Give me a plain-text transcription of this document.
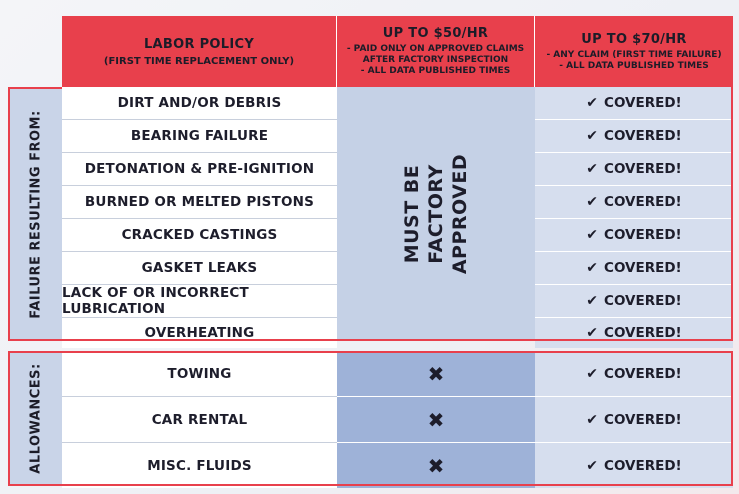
LABOR POLICY
(FIRST TIME REPLACEMENT ONLY)
UP TO $50/HR
- PAID ONLY ON APPROVED CLAIMS
AFTER FACTORY INSPECTION
- ALL DATA PUBLISHED TIMES
UP TO $70/HR
- ANY CLAIM (FIRST TIME FAILURE)
- ALL DATA PUBLISHED TIMES
FAILURE RESULTING FROM:
DIRT AND/OR DEBRIS
BEARING FAILURE
DETONATION & PRE-IGNITION
BURNED OR MELTED PISTONS
CRACKED CASTINGS
GASKET LEAKS
LACK OF OR INCORRECT LUBRICATION
OVERHEATING
MUST BE FACTORY APPROVED
✔ COVERED!
✔ COVERED!
✔ COVERED!
✔ COVERED!
✔ COVERED!
✔ COVERED!
✔ COVERED!
✔ COVERED!
ALLOWANCES:	TOWING
CAR RENTAL
MISC. FLUIDS
✖
✖
✖
✔ COVERED!
✔ COVERED!
✔ COVERED!
